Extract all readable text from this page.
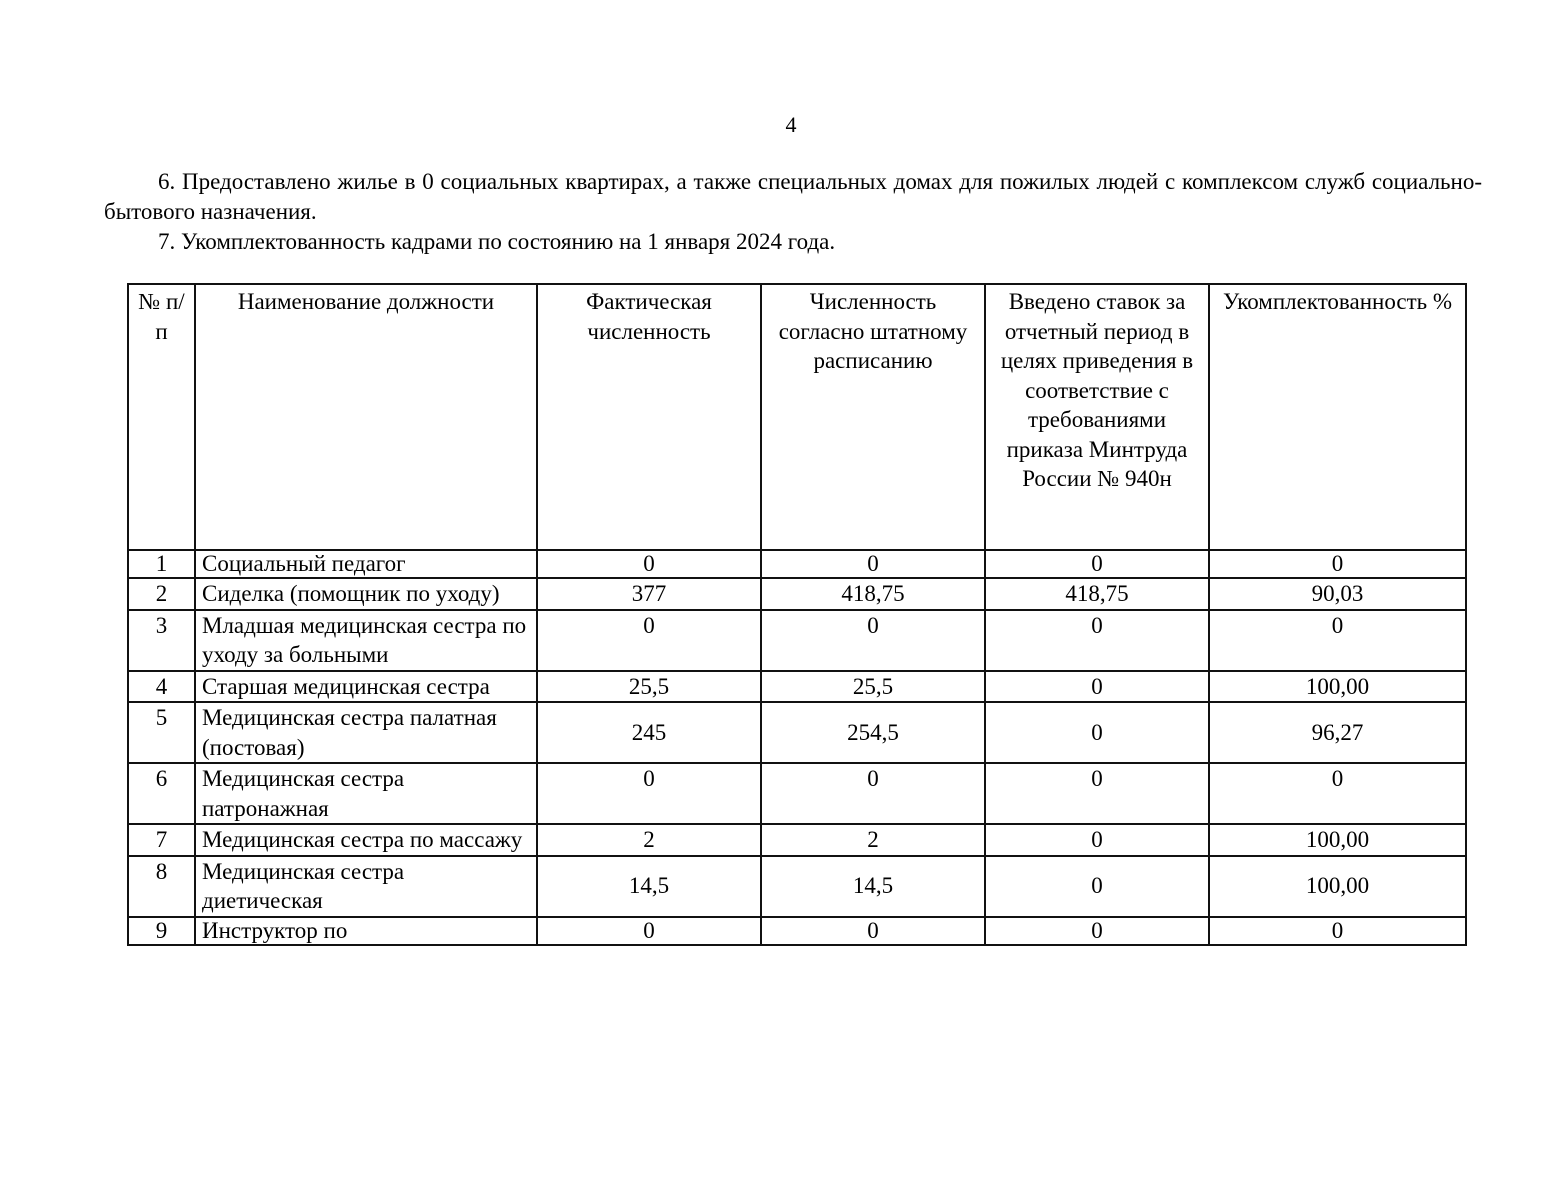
4
6. Предоставлено жилье в 0 социальных квартирах, а также специальных домах для пожилых людей с комплексом служб социально-бытового назначения.
7. Укомплектованность кадрами по состоянию на 1 января 2024 года.
№ п/п	Наименование должности	Фактическая численность	Численность согласно штатному расписанию	Введено ставок за отчетный период в целях приведения в соответствие с требованиями приказа Минтруда России № 940н	Укомплектованность %
1	Социальный педагог	0	0	0	0
2	Сиделка (помощник по уходу)	377	418,75	418,75	90,03
3	Младшая медицинская сестра по уходу за больными	0	0	0	0
4	Старшая медицинская сестра	25,5	25,5	0	100,00
5	Медицинская сестра палатная (постовая)	245	254,5	0	96,27
6	Медицинская сестра патронажная	0	0	0	0
7	Медицинская сестра по массажу	2	2	0	100,00
8	Медицинская сестра диетическая	14,5	14,5	0	100,00
9	Инструктор по	0	0	0	0
